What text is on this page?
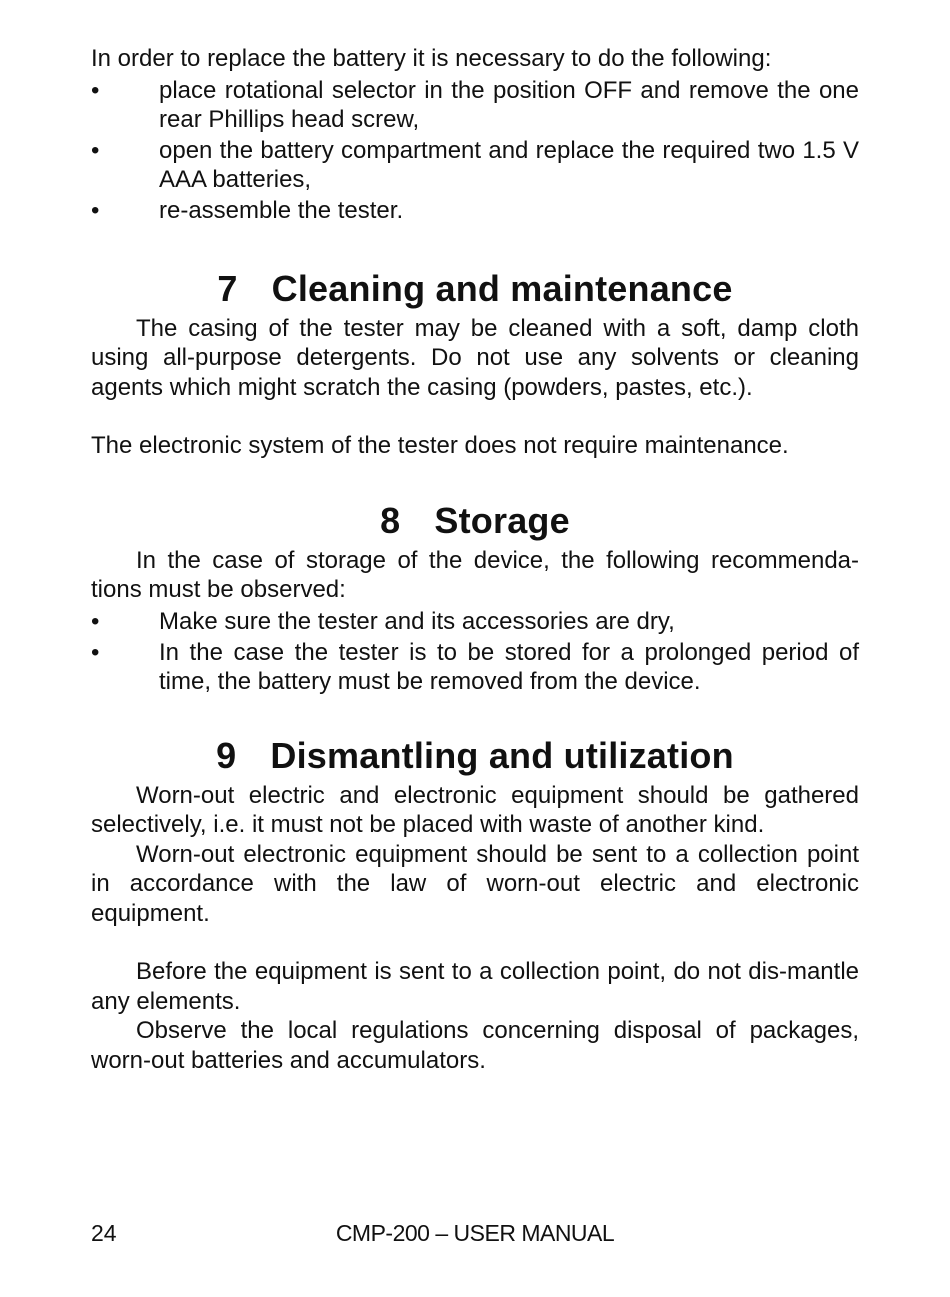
In order to replace the battery it is necessary to do the following:

•	place rotational selector in the position OFF and remove the one rear Phillips head screw,
•	open the battery compartment and replace the required two 1.5 V AAA batteries,
•	re-assemble the tester.
7 Cleaning and maintenance

The casing of the tester may be cleaned with a soft, damp cloth using all-purpose detergents. Do not use any solvents or cleaning agents which might scratch the casing (powders, pastes, etc.).

The electronic system of the tester does not require maintenance.

8 Storage

In the case of storage of the device, the following recommenda-tions must be observed:

•	Make sure the tester and its accessories are dry,
•	In the case the tester is to be stored for a prolonged period of time, the battery must be removed from the device.
9 Dismantling and utilization

Worn-out electric and electronic equipment should be gathered selectively, i.e. it must not be placed with waste of another kind.

Worn-out electronic equipment should be sent to a collection point in accordance with the law of worn-out electric and electronic equipment.

Before the equipment is sent to a collection point, do not dis-mantle any elements.

Observe the local regulations concerning disposal of packages, worn-out batteries and accumulators.

24	CMP-200 – USER MANUAL
